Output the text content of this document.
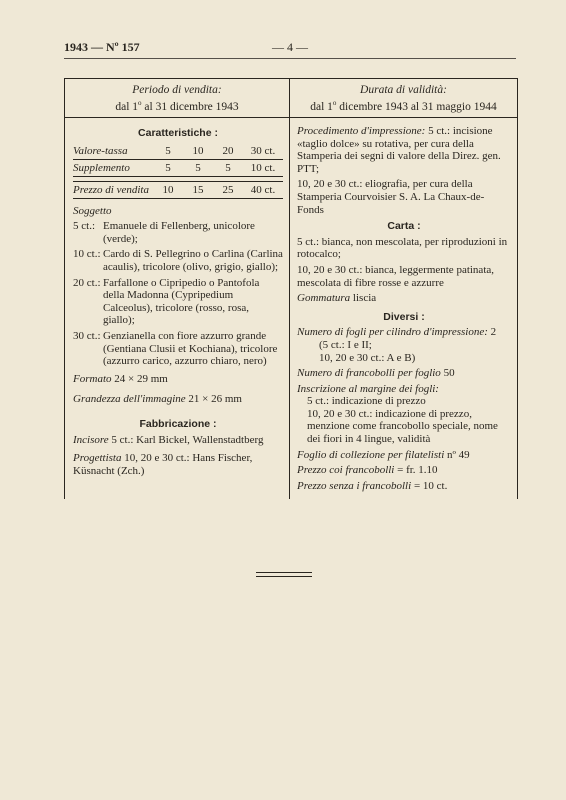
1943 — Nº 157	— 4 —
Periodo di vendita:
dal 1$^o$ al 31 dicembre 1943
Durata di validità:
dal 1$^o$ dicembre 1943 al 31 maggio 1944
Caratteristiche :
Valore-tassa	5	10	20	30 ct.
Supplemento	5	5	5	10 ct.
Prezzo di vendita	10	15	25	40 ct.
Soggetto
5 ct.: Emanuele di Fellenberg, unicolore (verde);
10 ct.: Cardo di S. Pellegrino o Carlina (Carlina acaulis), tricolore (olivo, grigio, giallo);
20 ct.: Farfallone o Cipripedio o Pantofola della Madonna (Cypripedium Calceolus), tricolore (rosso, rosa, giallo);
30 ct.: Genzianella con fiore azzurro grande (Gentiana Clusii et Kochiana), tricolore (azzurro carico, azzurro chiaro, nero)
Formato 24 × 29 mm
Grandezza dell'immagine 21 × 26 mm
Fabbricazione :
Incisore 5 ct.: Karl Bickel, Wallenstadtberg
Progettista 10, 20 e 30 ct.: Hans Fischer, Küsnacht (Zch.)
Procedimento d'impressione: 5 ct.: incisione «taglio dolce» su rotativa, per cura della Stamperia dei segni di valore della Direz. gen. PTT;
10, 20 e 30 ct.: eliografia, per cura della Stamperia Courvoisier S. A. La Chaux-de-Fonds
Carta :
5 ct.: bianca, non mescolata, per riproduzioni in rotocalco;
10, 20 e 30 ct.: bianca, leggermente patinata, mescolata di fibre rosse e azzurre
Gommatura liscia
Diversi :
Numero di fogli per cilindro d'impressione: 2
(5 ct.: I e II;
10, 20 e 30 ct.: A e B)
Numero di francobolli per foglio 50
Inscrizione al margine dei fogli:
5 ct.: indicazione di prezzo
10, 20 e 30 ct.: indicazione di prezzo, menzione come francobollo speciale, nome dei fiori in 4 lingue, validità
Foglio di collezione per filatelisti nº 49
Prezzo coi francobolli = fr. 1.10
Prezzo senza i francobolli = 10 ct.
